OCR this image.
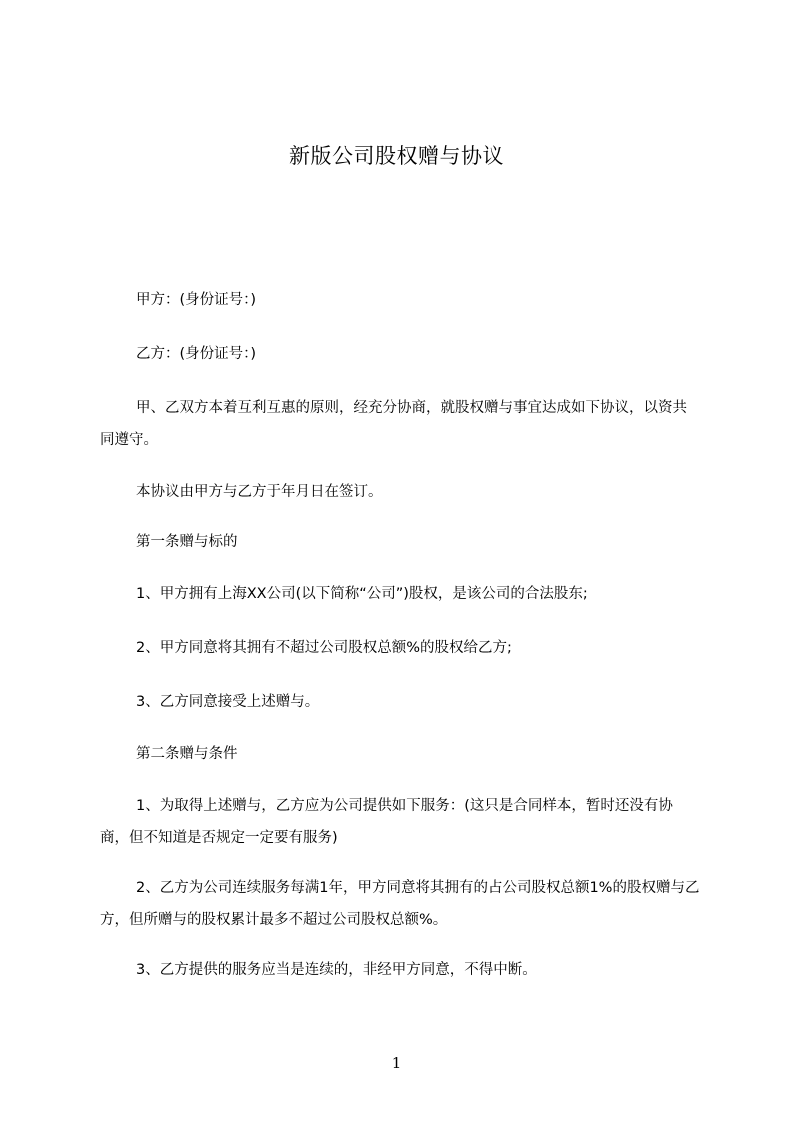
新版公司股权赠与协议
甲方：(身份证号：)
乙方：(身份证号：)
甲、乙双方本着互利互惠的原则，经充分协商，就股权赠与事宜达成如下协议，以资共同遵守。
本协议由甲方与乙方于年月日在签订。
第一条赠与标的
1、甲方拥有上海XX公司(以下简称“公司”)股权，是该公司的合法股东;
2、甲方同意将其拥有不超过公司股权总额%的股权给乙方;
3、乙方同意接受上述赠与。
第二条赠与条件
1、为取得上述赠与，乙方应为公司提供如下服务：(这只是合同样本，暂时还没有协商，但不知道是否规定一定要有服务)
2、乙方为公司连续服务每满1年，甲方同意将其拥有的占公司股权总额1%的股权赠与乙方，但所赠与的股权累计最多不超过公司股权总额%。
3、乙方提供的服务应当是连续的，非经甲方同意，不得中断。
1
